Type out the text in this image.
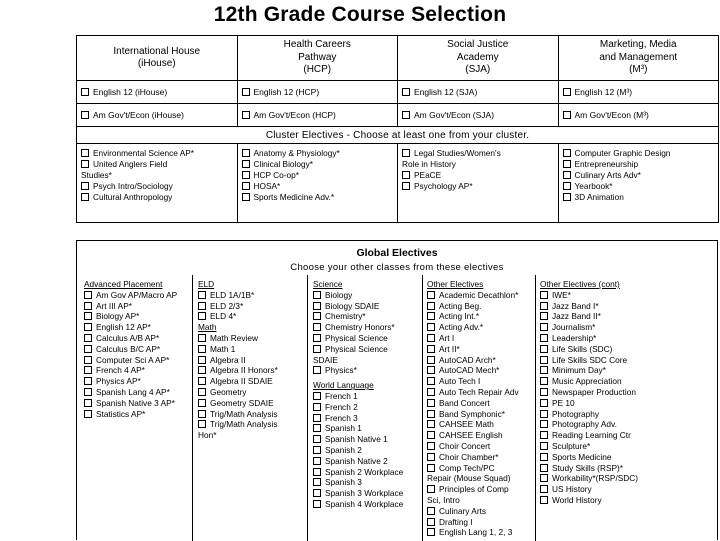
12th Grade Course Selection
International House
(iHouse)	Health Careers
Pathway
(HCP)	Social Justice
Academy
(SJA)	Marketing, Media
and Management
(M³)
English 12 (iHouse)	English 12 (HCP)	English 12 (SJA)	English 12 (M³)
Am Gov't/Econ (iHouse)	Am Gov't/Econ (HCP)	Am Gov't/Econ (SJA)	Am Gov't/Econ (M³)
Cluster Electives - Choose at least one from your cluster.			

Environmental Science AP*
United Anglers Field
Studies*
Psych Intro/Sociology
Cultural Anthropology	Anatomy & Physiology*
Clinical Biology*
HCP Co-op*
HOSA*
Sports Medicine Adv.*	Legal Studies/Women's
Role in History
PEaCE
Psychology AP*	Computer Graphic Design
Entrepreneurship
Culinary Arts Adv*
Yearbook*
3D Animation
Global Electives
Choose your other classes from these electives
Advanced Placement
Am Gov AP/Macro AP
Art III AP*
Biology AP*
English 12 AP*
Calculus A/B AP*
Calculus B/C AP*
Computer Sci A AP*
French 4 AP*
Physics AP*
Spanish Lang 4 AP*
Spanish Native 3 AP*
Statistics AP*
ELD
ELD 1A/1B*
ELD 2/3*
ELD 4*
Math
Math Review
Math 1
Algebra II
Algebra II Honors*
Algebra II SDAIE
Geometry
Geometry SDAIE
Trig/Math Analysis
Trig/Math Analysis
Hon*
Science
Biology
Biology SDAIE
Chemistry*
Chemistry Honors*
Physical Science
Physical Science
SDAIE
Physics*
World Language
French 1
French 2
French 3
Spanish 1
Spanish Native 1
Spanish 2
Spanish Native 2
Spanish 2 Workplace
Spanish 3
Spanish 3 Workplace
Spanish 4 Workplace
Other Electives
Academic Decathlon*
Acting Beg.
Acting Int.*
Acting Adv.*
Art I
Art II*
AutoCAD Arch*
AutoCAD Mech*
Auto Tech I
Auto Tech Repair Adv
Band Concert
Band Symphonic*
CAHSEE Math
CAHSEE English
Choir Concert
Choir Chamber*
Comp Tech/PC
Repair (Mouse Squad)
Principles of Comp
Sci, Intro
Culinary Arts
Drafting I
English Lang 1, 2, 3
Other Electives (cont)
IWE*
Jazz Band I*
Jazz Band II*
Journalism*
Leadership*
Life Skills (SDC)
Life Skills SDC Core
Minimum Day*
Music Appreciation
Newspaper Production
PE 10
Photography
Photography Adv.
Reading Learning Ctr
Sculpture*
Sports Medicine
Study Skills (RSP)*
Workability*(RSP/SDC)
US History
World History
